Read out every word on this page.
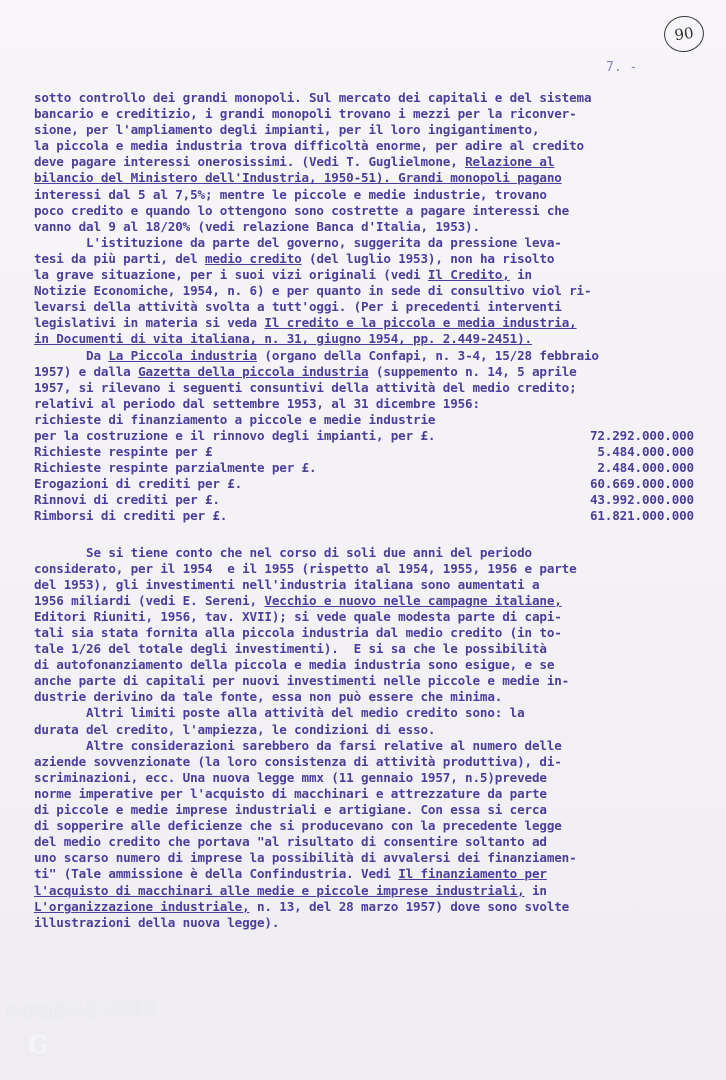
90
7. -

sotto controllo dei grandi monopoli. Sul mercato dei capitali e del sistema

bancario e creditizio, i grandi monopoli trovano i mezzi per la riconver-

sione, per l'ampliamento degli impianti, per il loro ingigantimento,

la piccola e media industria trova difficoltà enorme, per adire al credito

deve pagare interessi onerosissimi. (Vedi T. Guglielmone, Relazione al

bilancio del Ministero dell'Industria, 1950-51). Grandi monopoli pagano

interessi dal 5 al 7,5%; mentre le piccole e medie industrie, trovano

poco credito e quando lo ottengono sono costrette a pagare interessi che

vanno dal 9 al 18/20% (vedi relazione Banca d'Italia, 1953).

L'istituzione da parte del governo, suggerita da pressione leva-

tesi da più parti, del medio credito (del luglio 1953), non ha risolto

la grave situazione, per i suoi vizi originali (vedi Il Credito, in

Notizie Economiche, 1954, n. 6) e per quanto in sede di consultivo viol ri-

levarsi della attività svolta a tutt'oggi. (Per i precedenti interventi

legislativi in materia si veda Il credito e la piccola e media industria,

in Documenti di vita italiana, n. 31, giugno 1954, pp. 2.449-2451).

Da La Piccola industria (organo della Confapi, n. 3-4, 15/28 febbraio

1957) e dalla Gazetta della piccola industria (suppemento n. 14, 5 aprile

1957, si rilevano i seguenti consuntivi della attività del medio credito;

relativi al periodo dal settembre 1953, al 31 dicembre 1956:

richieste di finanziamento a piccole e medie industrie

per la costruzione e il rinnovo degli impianti, per £.	72.292.000.000
Richieste respinte per £	5.484.000.000
Richieste respinte parzialmente per £.	2.484.000.000
Erogazioni di crediti per £.	60.669.000.000
Rinnovi di crediti per £.	43.992.000.000
Rimborsi di crediti per £.	61.821.000.000

Se si tiene conto che nel corso di soli due anni del periodo

considerato, per il 1954  e il 1955 (rispetto al 1954, 1955, 1956 e parte

del 1953), gli investimenti nell'industria italiana sono aumentati a

1956 miliardi (vedi E. Sereni, Vecchio e nuovo nelle campagne italiane,

Editori Riuniti, 1956, tav. XVII); si vede quale modesta parte di capi-

tali sia stata fornita alla piccola industria dal medio credito (in to-

tale 1/26 del totale degli investimenti).  E si sa che le possibilità

di autofonanziamento della piccola e media industria sono esigue, e se

anche parte di capitali per nuovi investimenti nelle piccole e medie in-

dustrie derivino da tale fonte, essa non può essere che minima.

Altri limiti poste alla attività del medio credito sono: la

durata del credito, l'ampiezza, le condizioni di esso.

Altre considerazioni sarebbero da farsi relative al numero delle

aziende sovvenzionate (la loro consistenza di attività produttiva), di-

scriminazioni, ecc. Una nuova legge mmx (11 gennaio 1957, n.5)prevede

norme imperative per l'acquisto di macchinari e attrezzature da parte

di piccole e medie imprese industriali e artigiane. Con essa si cerca

di sopperire alle deficienze che si producevano con la precedente legge

del medio credito che portava "al risultato di consentire soltanto ad

uno scarso numero di imprese la possibilità di avvalersi dei finanziamen-

ti" (Tale ammissione è della Confindustria. Vedi Il finanziamento per

l'acquisto di macchinari alle medie e piccole imprese industriali, in

L'organizzazione industriale, n. 13, del 28 marzo 1957) dove sono svolte

illustrazioni della nuova legge).

FONDAZIONE
G
